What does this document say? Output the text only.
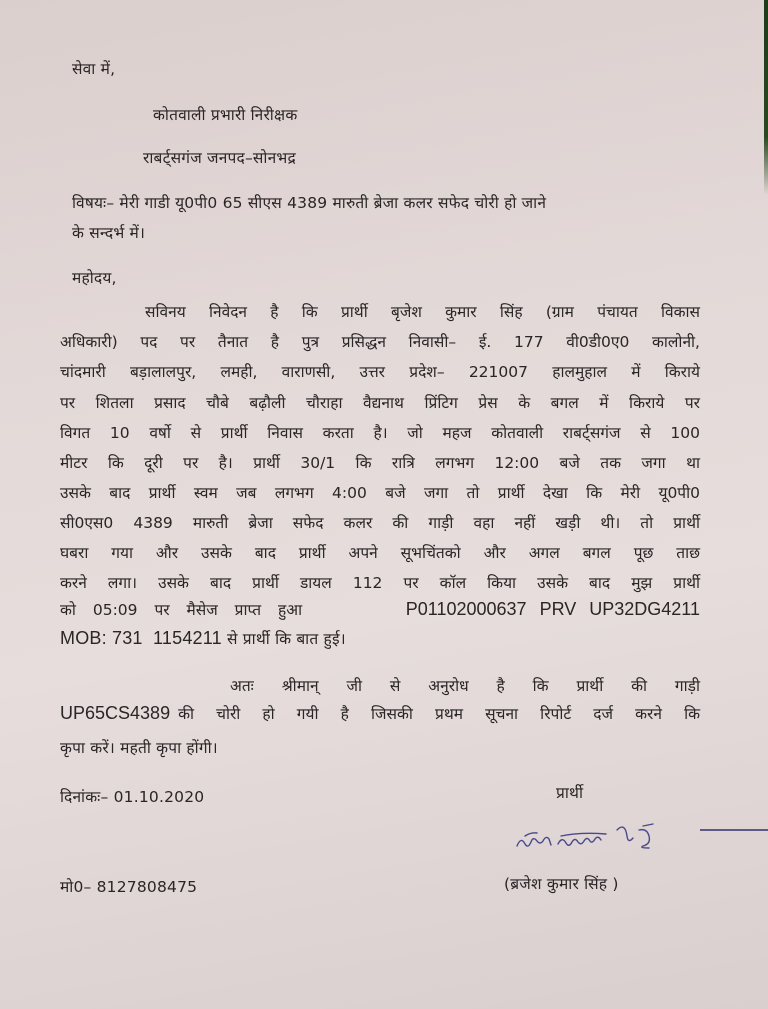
सेवा में,
कोतवाली प्रभारी निरीक्षक
राबर्ट्सगंज जनपद–सोनभद्र
विषयः– मेरी गाडी यू0पी0 65 सीएस 4389 मारुती ब्रेजा कलर सफेद चोरी हो जाने
के सन्दर्भ में।
महोदय,
सविनय निवेदन है कि प्रार्थी बृजेश कुमार सिंह (ग्राम पंचायत विकास
अधिकारी) पद पर तैनात है पुत्र प्रसिद्धन निवासी– ई. 177 वी0डी0ए0 कालोनी,
चांदमारी बड़ालालपुर, लमही, वाराणसी, उत्तर प्रदेश– 221007 हालमुहाल में किराये
पर शितला प्रसाद चौबे बढ़ौली चौराहा वैद्यनाथ प्रिंटिग प्रेस के बगल में किराये पर
विगत 10 वर्षो से प्रार्थी निवास करता है। जो महज कोतवाली राबर्ट्सगंज से 100
मीटर कि दूरी पर है। प्रार्थी 30/1 कि रात्रि लगभग 12:00 बजे तक जगा था
उसके बाद प्रार्थी स्वम जब लगभग 4:00 बजे जगा तो प्रार्थी देखा कि मेरी यू0पी0
सी0एस0 4389 मारुती ब्रेजा सफेद कलर की गाड़ी वहा नहीं खड़ी थी। तो प्रार्थी
घबरा गया और उसके बाद प्रार्थी अपने सूभचिंतको और अगल बगल पूछ ताछ
करने लगा। उसके बाद प्रार्थी डायल 112 पर कॉल किया उसके बाद मुझ प्रार्थी
को 05:09 पर मैसेज प्राप्त हुआ	P01102000637 PRV UP32DG4211
MOB: 731  1154211 से प्रार्थी कि बात हुई।
अतः श्रीमान् जी से अनुरोध है कि प्रार्थी की गाड़ी
UP65CS4389 की चोरी हो गयी है जिसकी प्रथम सूचना रिपोर्ट दर्ज करने कि
कृपा करें। महती कृपा होंगी।
दिनांकः– 01.10.2020	प्रार्थी
मो0– 8127808475	(ब्रजेश कुमार सिंह )
